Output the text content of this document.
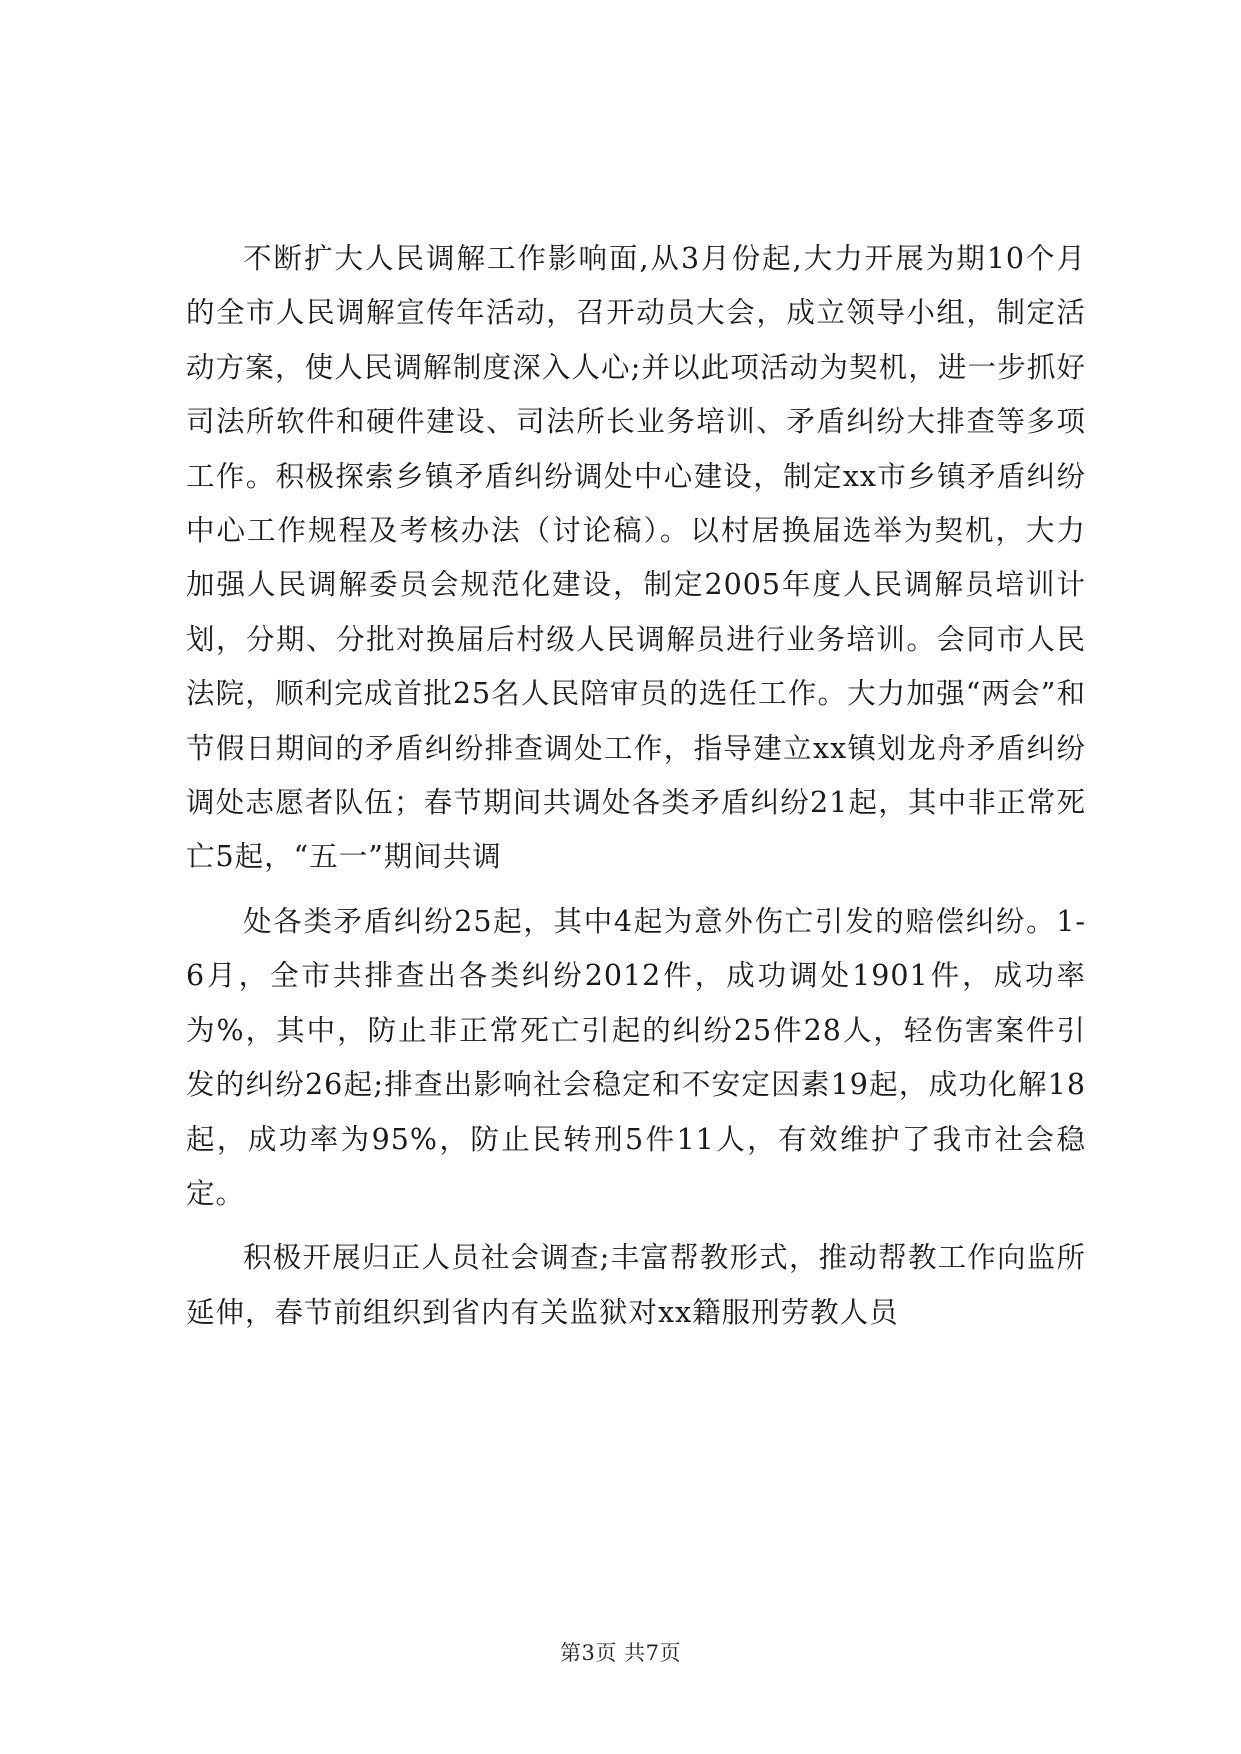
不断扩大人民调解工作影响面,从3月份起,大力开展为期10个月的全市人民调解宣传年活动，召开动员大会，成立领导小组，制定活动方案，使人民调解制度深入人心;并以此项活动为契机，进一步抓好司法所软件和硬件建设、司法所长业务培训、矛盾纠纷大排查等多项工作。积极探索乡镇矛盾纠纷调处中心建设，制定xx市乡镇矛盾纠纷中心工作规程及考核办法（讨论稿）。以村居换届选举为契机，大力加强人民调解委员会规范化建设，制定2005年度人民调解员培训计划，分期、分批对换届后村级人民调解员进行业务培训。会同市人民法院，顺利完成首批25名人民陪审员的选任工作。大力加强“两会”和节假日期间的矛盾纠纷排查调处工作，指导建立xx镇划龙舟矛盾纠纷调处志愿者队伍；春节期间共调处各类矛盾纠纷21起，其中非正常死亡5起，“五一”期间共调

处各类矛盾纠纷25起，其中4起为意外伤亡引发的赔偿纠纷。1-6月，全市共排查出各类纠纷2012件，成功调处1901件，成功率为%，其中，防止非正常死亡引起的纠纷25件28人，轻伤害案件引发的纠纷26起;排查出影响社会稳定和不安定因素19起，成功化解18起，成功率为95%，防止民转刑5件11人，有效维护了我市社会稳定。

积极开展归正人员社会调查;丰富帮教形式，推动帮教工作向监所延伸，春节前组织到省内有关监狱对xx籍服刑劳教人员

第3页 共7页
